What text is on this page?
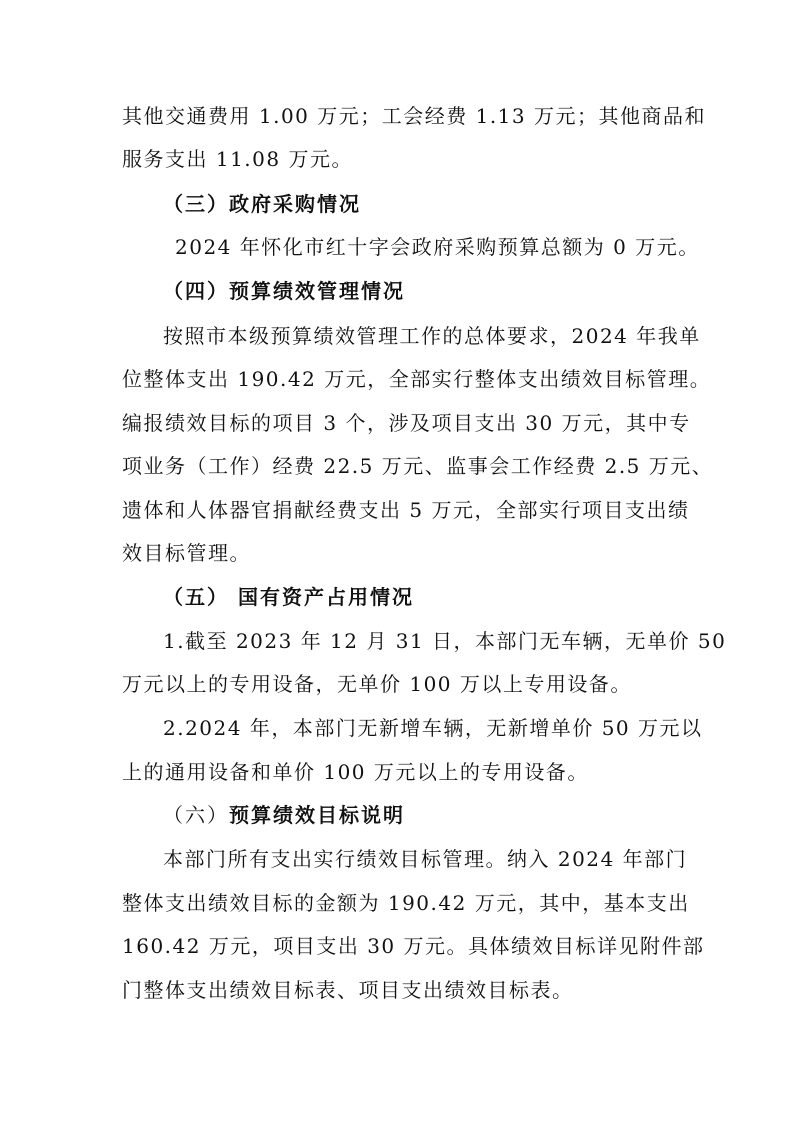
其他交通费用 1.00 万元；工会经费 1.13 万元；其他商品和
服务支出 11.08 万元。
（三）政府采购情况
2024 年怀化市红十字会政府采购预算总额为 0 万元。
（四）预算绩效管理情况
按照市本级预算绩效管理工作的总体要求，2024 年我单
位整体支出 190.42 万元，全部实行整体支出绩效目标管理。
编报绩效目标的项目 3 个，涉及项目支出 30 万元，其中专
项业务（工作）经费 22.5 万元、监事会工作经费 2.5 万元、
遗体和人体器官捐献经费支出 5 万元，全部实行项目支出绩
效目标管理。
（五） 国有资产占用情况
1.截至 2023 年 12 月 31 日，本部门无车辆，无单价 50
万元以上的专用设备，无单价 100 万以上专用设备。
2.2024 年，本部门无新增车辆，无新增单价 50 万元以
上的通用设备和单价 100 万元以上的专用设备。
（六）预算绩效目标说明
本部门所有支出实行绩效目标管理。纳入 2024 年部门
整体支出绩效目标的金额为 190.42 万元，其中，基本支出
160.42 万元，项目支出 30 万元。具体绩效目标详见附件部
门整体支出绩效目标表、项目支出绩效目标表。
